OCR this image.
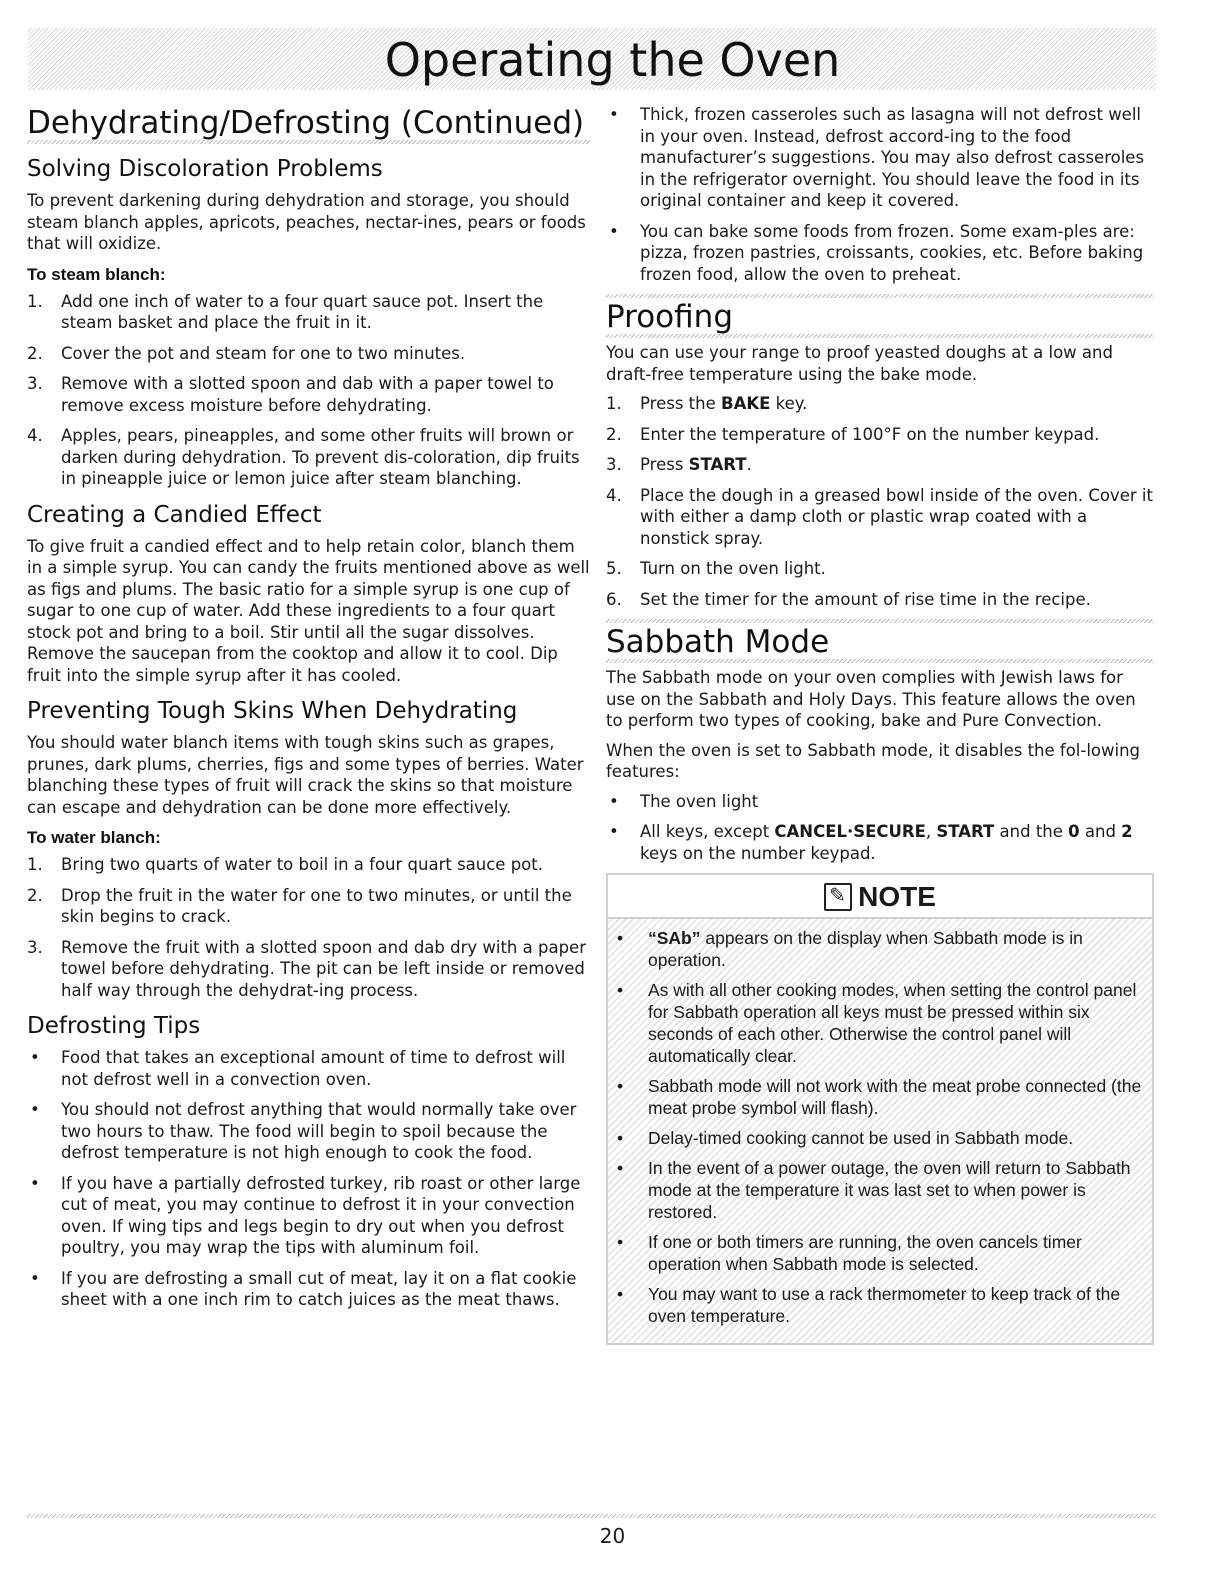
Operating the Oven
Dehydrating/Defrosting (Continued)
Solving Discoloration Problems

To prevent darkening during dehydration and storage, you should steam blanch apples, apricots, peaches, nectar-ines, pears or foods that will oxidize.

To steam blanch:
1.	Add one inch of water to a four quart sauce pot. Insert the steam basket and place the fruit in it.
2.	Cover the pot and steam for one to two minutes.
3.	Remove with a slotted spoon and dab with a paper towel to remove excess moisture before dehydrating.
4.	Apples, pears, pineapples, and some other fruits will brown or darken during dehydration. To prevent dis-coloration, dip fruits in pineapple juice or lemon juice after steam blanching.
Creating a Candied Effect

To give fruit a candied effect and to help retain color, blanch them in a simple syrup. You can candy the fruits mentioned above as well as figs and plums. The basic ratio for a simple syrup is one cup of sugar to one cup of water. Add these ingredients to a four quart stock pot and bring to a boil. Stir until all the sugar dissolves. Remove the saucepan from the cooktop and allow it to cool. Dip fruit into the simple syrup after it has cooled.

Preventing Tough Skins When Dehydrating

You should water blanch items with tough skins such as grapes, prunes, dark plums, cherries, figs and some types of berries. Water blanching these types of fruit will crack the skins so that moisture can escape and dehydration can be done more effectively.

To water blanch:
1.	Bring two quarts of water to boil in a four quart sauce pot.
2.	Drop the fruit in the water for one to two minutes, or until the skin begins to crack.
3.	Remove the fruit with a slotted spoon and dab dry with a paper towel before dehydrating. The pit can be left inside or removed half way through the dehydrat-ing process.
Defrosting Tips
•	Food that takes an exceptional amount of time to defrost will not defrost well in a convection oven.
•	You should not defrost anything that would normally take over two hours to thaw. The food will begin to spoil because the defrost temperature is not high enough to cook the food.
•	If you have a partially defrosted turkey, rib roast or other large cut of meat, you may continue to defrost it in your convection oven. If wing tips and legs begin to dry out when you defrost poultry, you may wrap the tips with aluminum foil.
•	If you are defrosting a small cut of meat, lay it on a flat cookie sheet with a one inch rim to catch juices as the meat thaws.
•	Thick, frozen casseroles such as lasagna will not defrost well in your oven. Instead, defrost accord-ing to the food manufacturer’s suggestions. You may also defrost casseroles in the refrigerator overnight. You should leave the food in its original container and keep it covered.
•	You can bake some foods from frozen. Some exam-ples are: pizza, frozen pastries, croissants, cookies, etc. Before baking frozen food, allow the oven to preheat.
Proofing

You can use your range to proof yeasted doughs at a low and draft-free temperature using the bake mode.

1.	Press the BAKE key.
2.	Enter the temperature of 100°F on the number keypad.
3.	Press START.
4.	Place the dough in a greased bowl inside of the oven. Cover it with either a damp cloth or plastic wrap coated with a nonstick spray.
5.	Turn on the oven light.
6.	Set the timer for the amount of rise time in the recipe.
Sabbath Mode

The Sabbath mode on your oven complies with Jewish laws for use on the Sabbath and Holy Days. This feature allows the oven to perform two types of cooking, bake and Pure Convection.

When the oven is set to Sabbath mode, it disables the fol-lowing features:

•	The oven light
•	All keys, except CANCEL·SECURE, START and the 0 and 2 keys on the number keypad.
✎NOTE
•	“SAb” appears on the display when Sabbath mode is in operation.
•	As with all other cooking modes, when setting the control panel for Sabbath operation all keys must be pressed within six seconds of each other. Otherwise the control panel will automatically clear.
•	Sabbath mode will not work with the meat probe connected (the meat probe symbol will flash).
•	Delay-timed cooking cannot be used in Sabbath mode.
•	In the event of a power outage, the oven will return to Sabbath mode at the temperature it was last set to when power is restored.
•	If one or both timers are running, the oven cancels timer operation when Sabbath mode is selected.
•	You may want to use a rack thermometer to keep track of the oven temperature.
20
